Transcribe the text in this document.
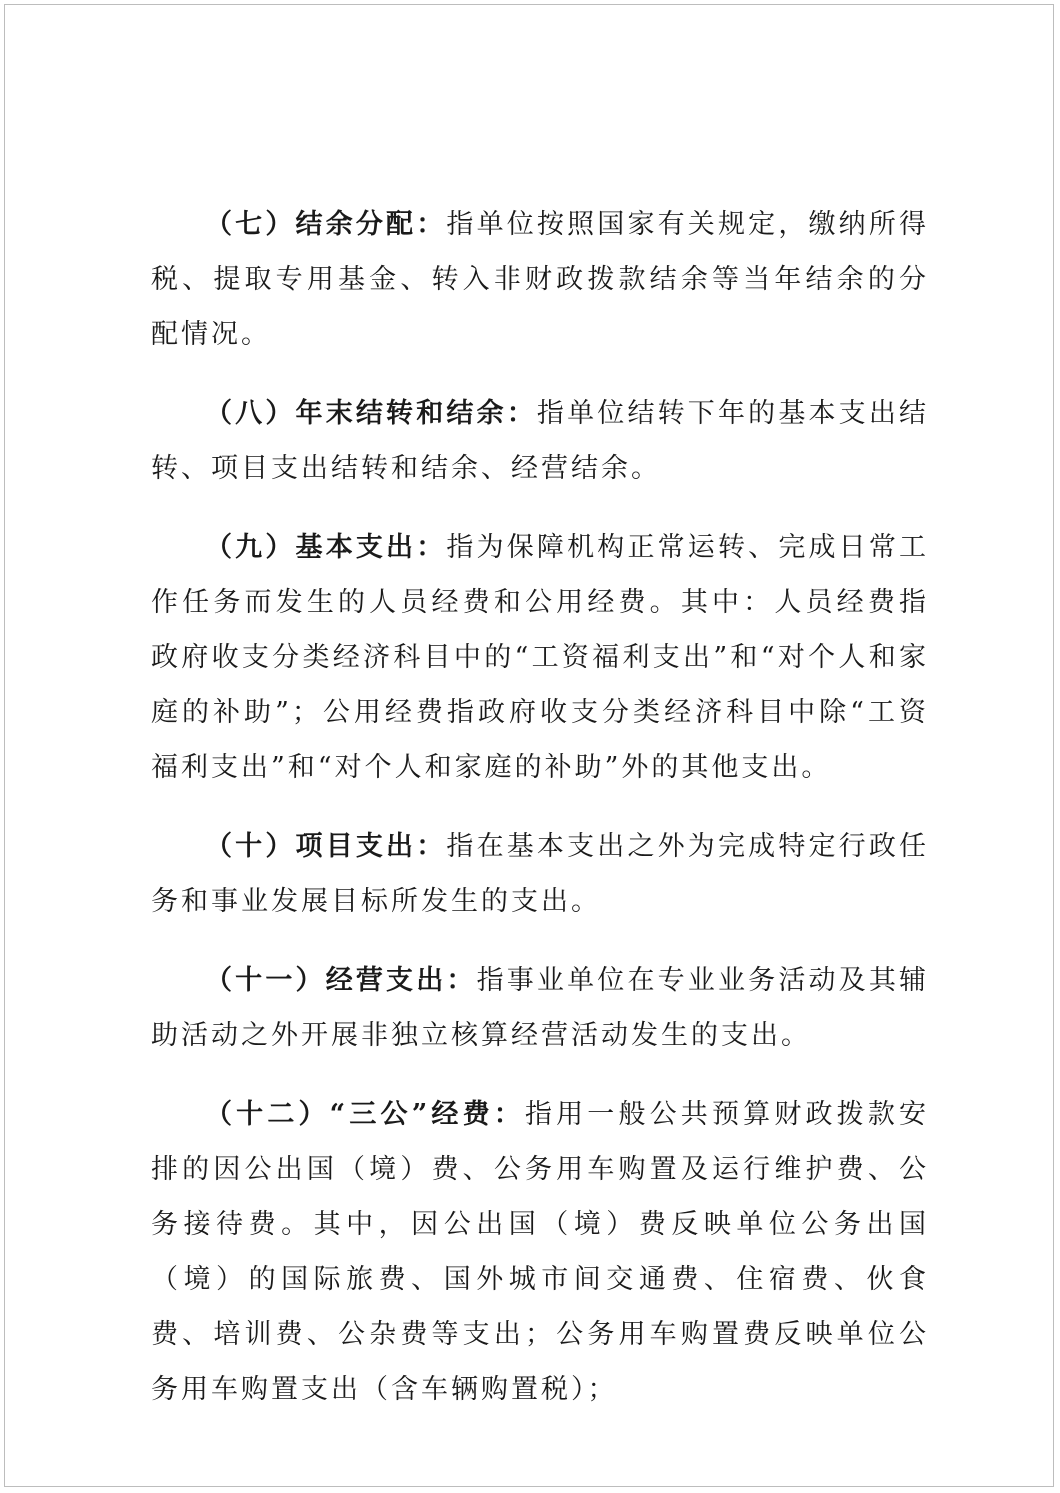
（七）结余分配：指单位按照国家有关规定，缴纳所得税、提取专用基金、转入非财政拨款结余等当年结余的分配情况。

（八）年末结转和结余：指单位结转下年的基本支出结转、项目支出结转和结余、经营结余。

（九）基本支出：指为保障机构正常运转、完成日常工作任务而发生的人员经费和公用经费。其中：人员经费指政府收支分类经济科目中的“工资福利支出”和“对个人和家庭的补助”；公用经费指政府收支分类经济科目中除“工资福利支出”和“对个人和家庭的补助”外的其他支出。

（十）项目支出：指在基本支出之外为完成特定行政任务和事业发展目标所发生的支出。

（十一）经营支出：指事业单位在专业业务活动及其辅助活动之外开展非独立核算经营活动发生的支出。

（十二）“三公”经费：指用一般公共预算财政拨款安排的因公出国（境）费、公务用车购置及运行维护费、公务接待费。其中，因公出国（境）费反映单位公务出国（境）的国际旅费、国外城市间交通费、住宿费、伙食费、培训费、公杂费等支出；公务用车购置费反映单位公务用车购置支出（含车辆购置税）；
